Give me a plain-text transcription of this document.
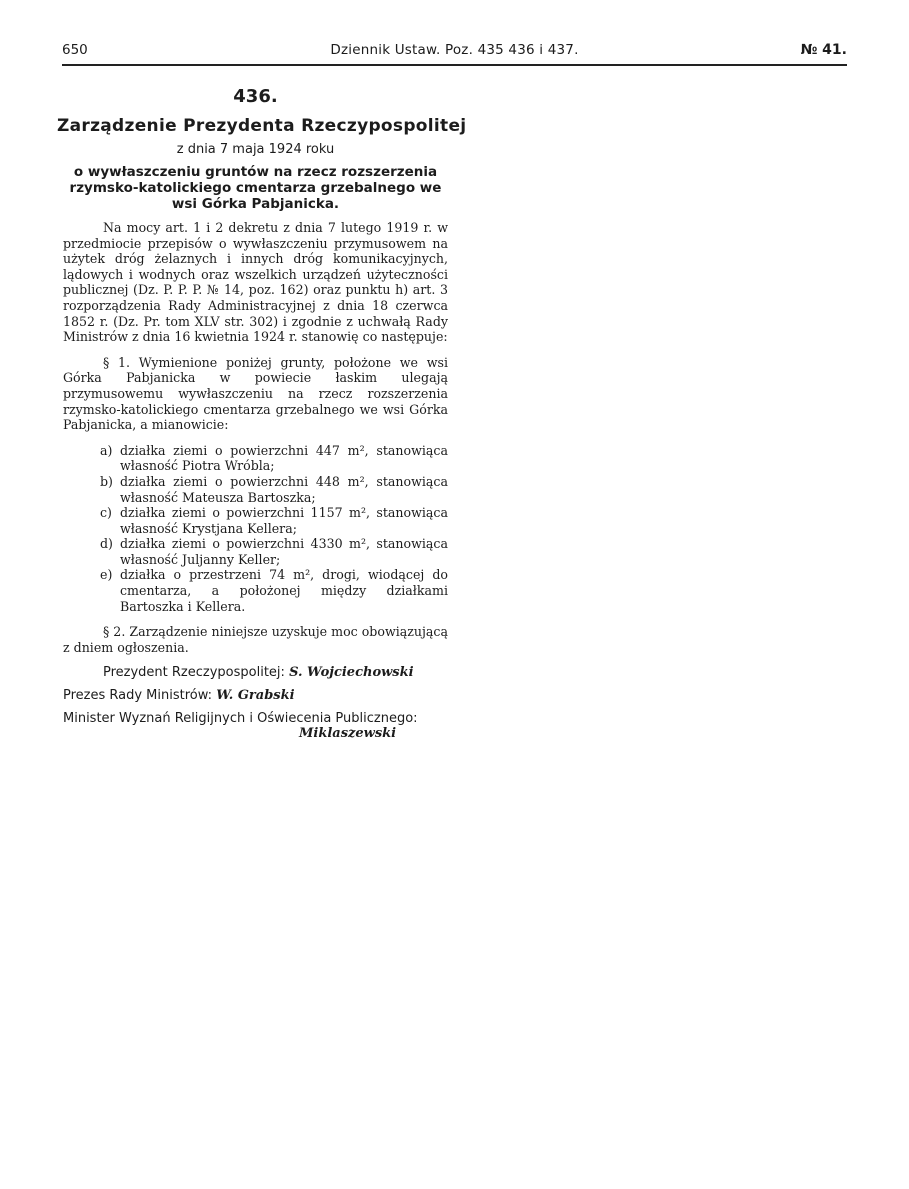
650	Dziennik Ustaw. Poz. 435 436 i 437.	№ 41.
436.
Zarządzenie Prezydenta Rzeczypospolitej
z dnia 7 maja 1924 roku
o wywłaszczeniu gruntów na rzecz rozszerzenia rzymsko-katolickiego cmentarza grzebalnego we wsi Górka Pabjanicka.

Na mocy art. 1 i 2 dekretu z dnia 7 lutego 1919 r. w przedmiocie przepisów o wywłaszczeniu przymusowem na użytek dróg żelaznych i innych dróg komunikacyjnych, lądowych i wodnych oraz wszelkich urządzeń użyteczności publicznej (Dz. P. P. P. № 14, poz. 162) oraz punktu h) art. 3 rozporządzenia Rady Administracyjnej z dnia 18 czerwca 1852 r. (Dz. Pr. tom XLV str. 302) i zgodnie z uchwałą Rady Ministrów z dnia 16 kwietnia 1924 r. stanowię co następuje:

§ 1. Wymienione poniżej grunty, położone we wsi Górka Pabjanicka w powiecie łaskim ulegają przymusowemu wywłaszczeniu na rzecz rozszerzenia rzymsko-katolickiego cmentarza grzebalnego we wsi Górka Pabjanicka, a mianowicie:

a) działka ziemi o powierzchni 447 m², stanowiąca własność Piotra Wróbla;
b) działka ziemi o powierzchni 448 m², stanowiąca własność Mateusza Bartoszka;
c) działka ziemi o powierzchni 1157 m², stanowiąca własność Krystjana Kellera;
d) działka ziemi o powierzchni 4330 m², stanowiąca własność Juljanny Keller;
e) działka o przestrzeni 74 m², drogi, wiodącej do cmentarza, a położonej między działkami Bartoszka i Kellera.

§ 2. Zarządzenie niniejsze uzyskuje moc obowiązującą z dniem ogłoszenia.

Prezydent Rzeczypospolitej: S. Wojciechowski
Prezes Rady Ministrów: W. Grabski
Minister Wyznań Religijnych i Oświecenia Publicznego:
Miklaszewski
